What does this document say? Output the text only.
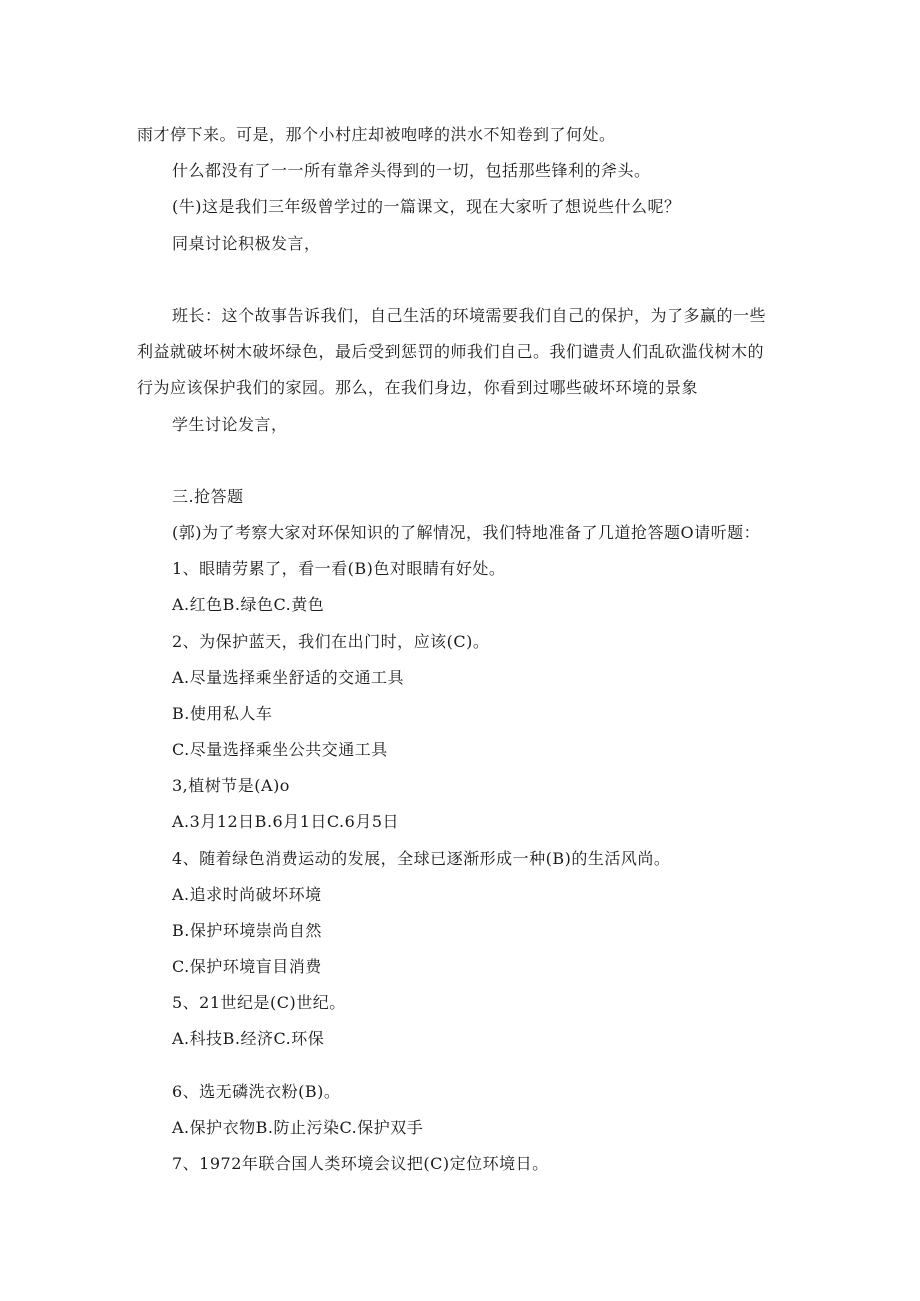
雨才停下来。可是，那个小村庄却被咆哮的洪水不知卷到了何处。
什么都没有了一一所有靠斧头得到的一切，包括那些锋利的斧头。
(牛)这是我们三年级曾学过的一篇课文，现在大家听了想说些什么呢？
同桌讨论积极发言，
班长：这个故事告诉我们，自己生活的环境需要我们自己的保护，为了多赢的一些
利益就破坏树木破坏绿色，最后受到惩罚的师我们自己。我们谴责人们乱砍滥伐树木的
行为应该保护我们的家园。那么，在我们身边，你看到过哪些破坏环境的景象
学生讨论发言，
三.抢答题
(郭)为了考察大家对环保知识的了解情况，我们特地准备了几道抢答题O请听题：
1、眼睛劳累了，看一看(B)色对眼睛有好处。
A.红色B.绿色C.黄色
2、为保护蓝天，我们在出门时，应该(C)。
A.尽量选择乘坐舒适的交通工具
B.使用私人车
C.尽量选择乘坐公共交通工具
3,植树节是(A)o
A.3月12日B.6月1日C.6月5日
4、随着绿色消费运动的发展，全球已逐渐形成一种(B)的生活风尚。
A.追求时尚破坏环境
B.保护环境崇尚自然
C.保护环境盲目消费
5、21世纪是(C)世纪。
A.科技B.经济C.环保
6、选无磷洗衣粉(B)。
A.保护衣物B.防止污染C.保护双手
7、1972年联合国人类环境会议把(C)定位环境日。
